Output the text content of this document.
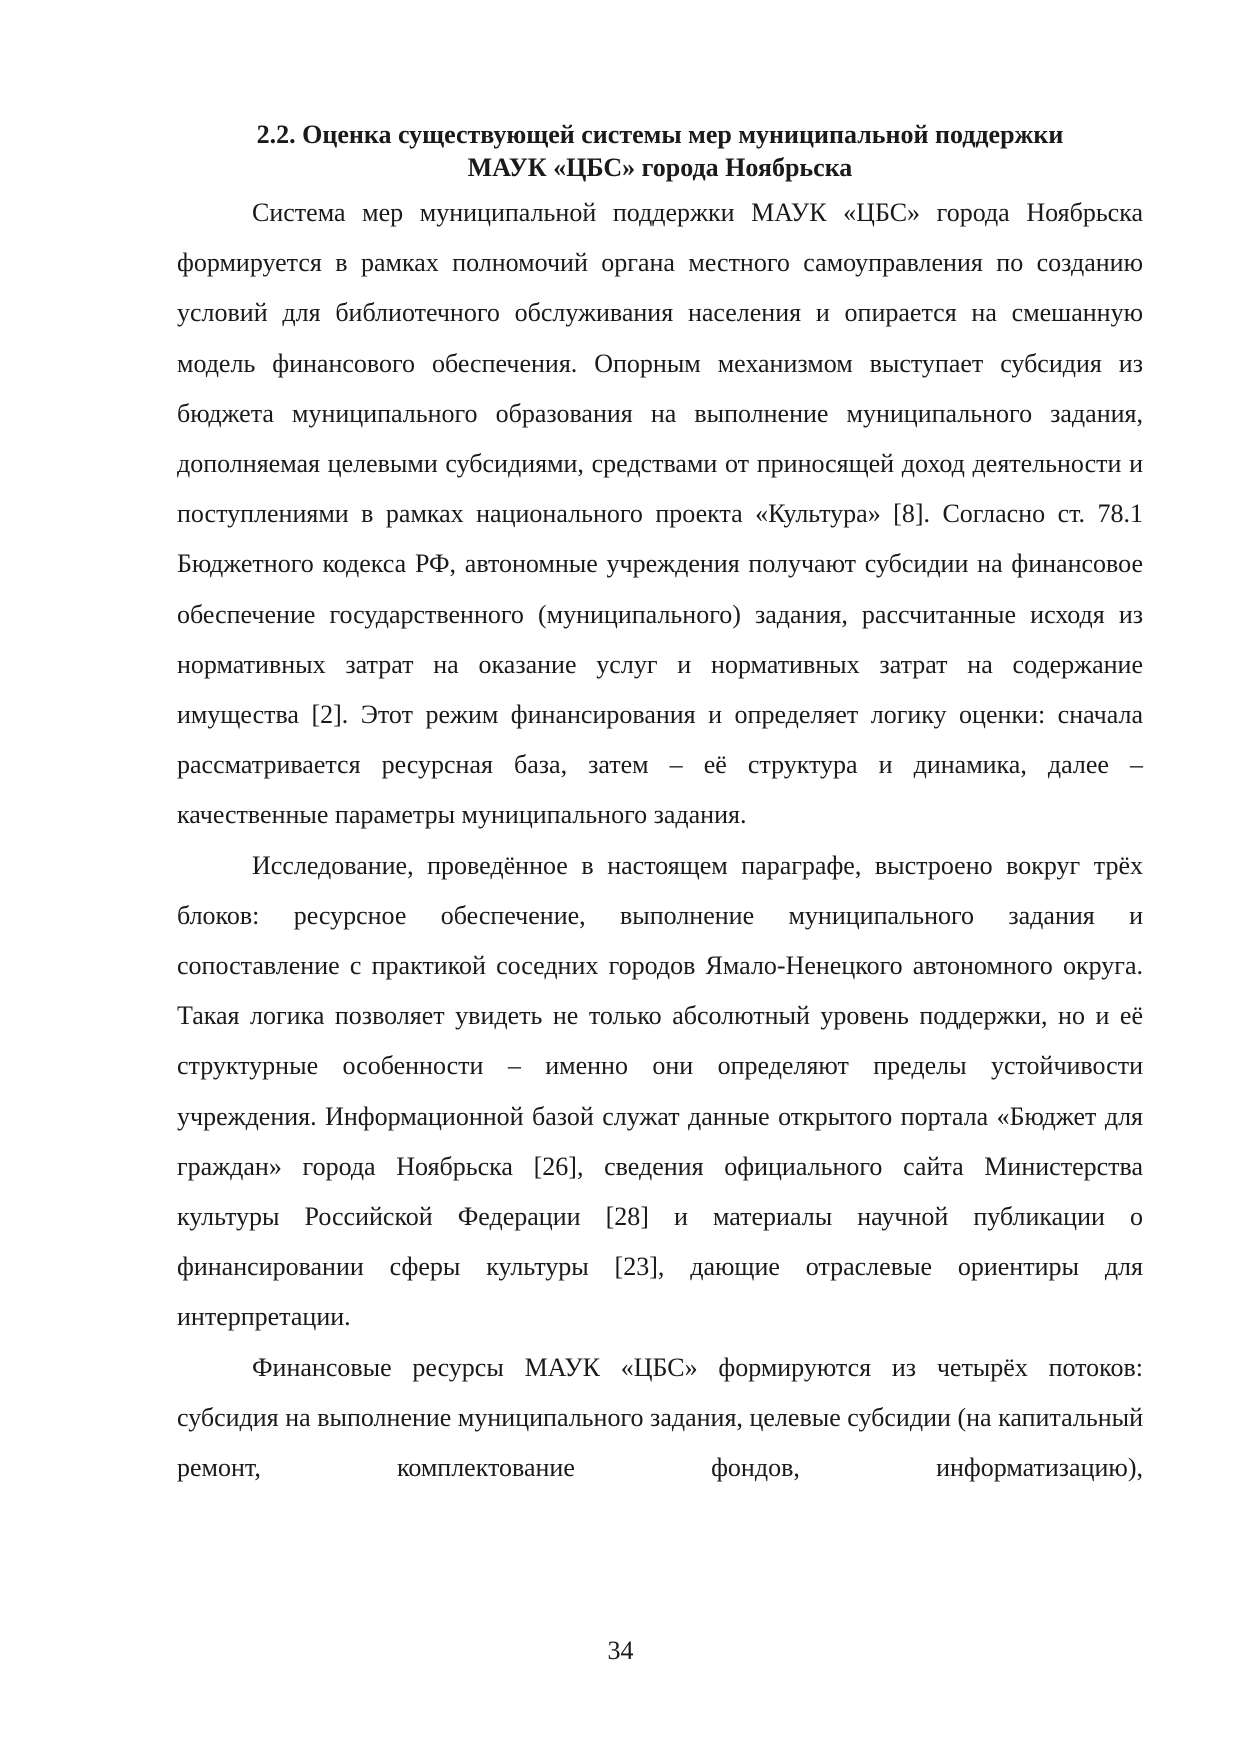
2.2. Оценка существующей системы мер муниципальной поддержки
МАУК «ЦБС» города Ноябрьска

Система мер муниципальной поддержки МАУК «ЦБС» города Ноябрьска формируется в рамках полномочий органа местного самоуправления по созданию условий для библиотечного обслуживания населения и опирается на смешанную модель финансового обеспечения. Опорным механизмом выступает субсидия из бюджета муниципального образования на выполнение муниципального задания, дополняемая целевыми субсидиями, средствами от приносящей доход деятельности и поступлениями в рамках национального проекта «Культура» [8]. Согласно ст. 78.1 Бюджетного кодекса РФ, автономные учреждения получают субсидии на финансовое обеспечение государственного (муниципального) задания, рассчитанные исходя из нормативных затрат на оказание услуг и нормативных затрат на содержание имущества [2]. Этот режим финансирования и определяет логику оценки: сначала рассматривается ресурсная база, затем – её структура и динамика, далее – качественные параметры муниципального задания.

Исследование, проведённое в настоящем параграфе, выстроено вокруг трёх блоков: ресурсное обеспечение, выполнение муниципального задания и сопоставление с практикой соседних городов Ямало-Ненецкого автономного округа. Такая логика позволяет увидеть не только абсолютный уровень поддержки, но и её структурные особенности – именно они определяют пределы устойчивости учреждения. Информационной базой служат данные открытого портала «Бюджет для граждан» города Ноябрьска [26], сведения официального сайта Министерства культуры Российской Федерации [28] и материалы научной публикации о финансировании сферы культуры [23], дающие отраслевые ориентиры для интерпретации.

Финансовые ресурсы МАУК «ЦБС» формируются из четырёх потоков: субсидия на выполнение муниципального задания, целевые субсидии (на капитальный ремонт, комплектование фондов, информатизацию),

34
